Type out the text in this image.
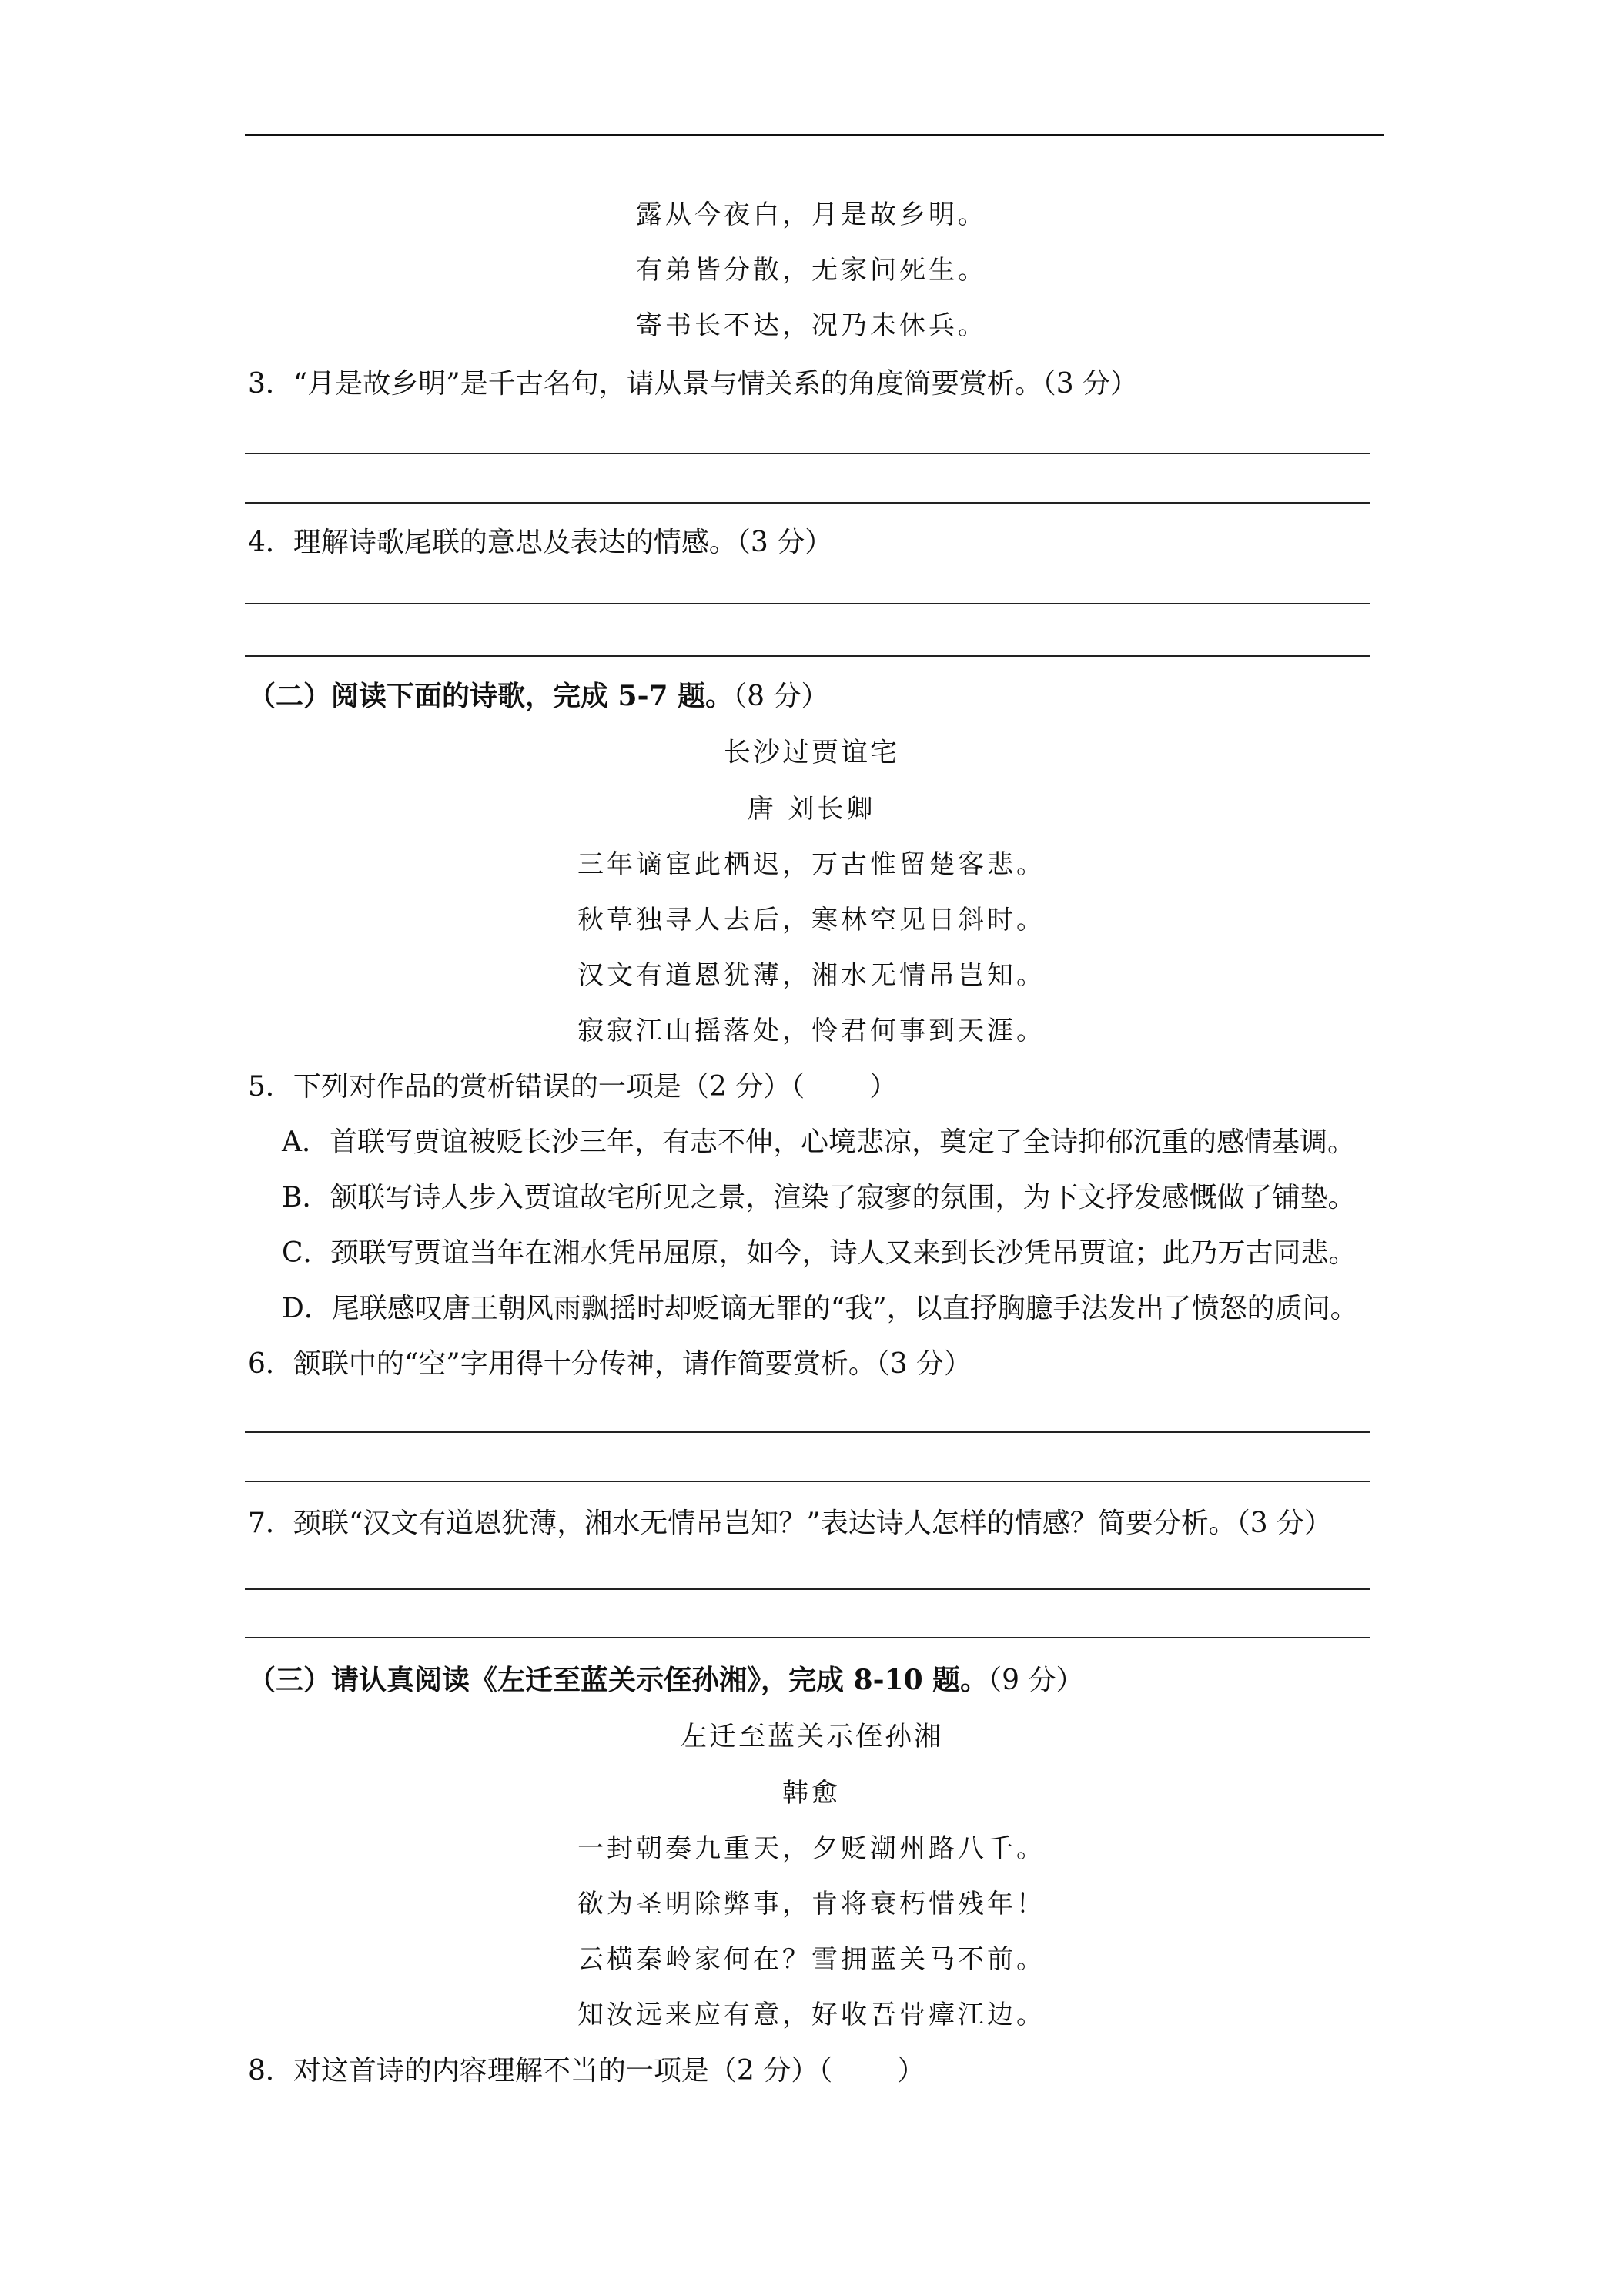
露从今夜白，月是故乡明。
有弟皆分散，无家问死生。
寄书长不达，况乃未休兵。
3．“月是故乡明”是千古名句，请从景与情关系的角度简要赏析。（3 分）
4．理解诗歌尾联的意思及表达的情感。（3 分）
（二）阅读下面的诗歌，完成 5-7 题。（8 分）
长沙过贾谊宅
唐 刘长卿
三年谪宦此栖迟，万古惟留楚客悲。
秋草独寻人去后，寒林空见日斜时。
汉文有道恩犹薄，湘水无情吊岂知。
寂寂江山摇落处，怜君何事到天涯。
5．下列对作品的赏析错误的一项是（2 分）（ ）
A．首联写贾谊被贬长沙三年，有志不伸，心境悲凉，奠定了全诗抑郁沉重的感情基调。
B．颔联写诗人步入贾谊故宅所见之景，渲染了寂寥的氛围，为下文抒发感慨做了铺垫。
C．颈联写贾谊当年在湘水凭吊屈原，如今，诗人又来到长沙凭吊贾谊；此乃万古同悲。
D．尾联感叹唐王朝风雨飘摇时却贬谪无罪的“我”，以直抒胸臆手法发出了愤怒的质问。
6．颔联中的“空”字用得十分传神，请作简要赏析。（3 分）
7．颈联“汉文有道恩犹薄，湘水无情吊岂知？”表达诗人怎样的情感？简要分析。（3 分）
（三）请认真阅读《左迁至蓝关示侄孙湘》，完成 8-10 题。（9 分）
左迁至蓝关示侄孙湘
韩愈
一封朝奏九重天，夕贬潮州路八千。
欲为圣明除弊事，肯将衰朽惜残年！
云横秦岭家何在？雪拥蓝关马不前。
知汝远来应有意，好收吾骨瘴江边。
8．对这首诗的内容理解不当的一项是（2 分）（ ）
